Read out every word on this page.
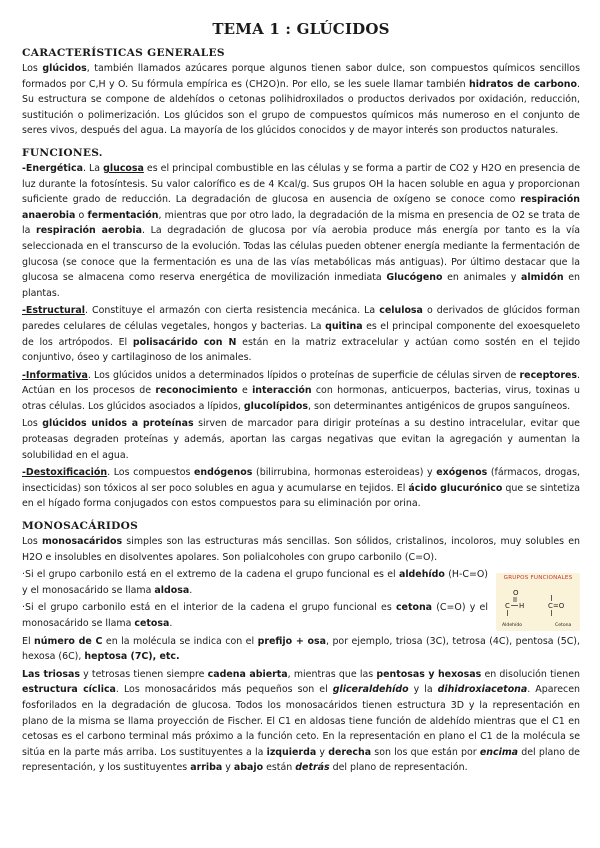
TEMA 1 : GLÚCIDOS
CARACTERÍSTICAS GENERALES

Los glúcidos, también llamados azúcares porque algunos tienen sabor dulce, son compuestos químicos sencillos formados por C,H y O. Su fórmula empírica es (CH2O)n. Por ello, se les suele llamar también hidratos de carbono. Su estructura se compone de aldehídos o cetonas polihidroxilados o productos derivados por oxidación, reducción, sustitución o polimerización. Los glúcidos son el grupo de compuestos químicos más numeroso en el conjunto de seres vivos, después del agua. La mayoría de los glúcidos conocidos y de mayor interés son productos naturales.

FUNCIONES.

-Energética. La glucosa es el principal combustible en las células y se forma a partir de CO2 y H2O en presencia de luz durante la fotosíntesis. Su valor calorífico es de 4 Kcal/g. Sus grupos OH la hacen soluble en agua y proporcionan suficiente grado de reducción. La degradación de glucosa en ausencia de oxígeno se conoce como respiración anaerobia o fermentación, mientras que por otro lado, la degradación de la misma en presencia de O2 se trata de la respiración aerobia. La degradación de glucosa por vía aerobia produce más energía por tanto es la vía seleccionada en el transcurso de la evolución. Todas las células pueden obtener energía mediante la fermentación de glucosa (se conoce que la fermentación es una de las vías metabólicas más antiguas). Por último destacar que la glucosa se almacena como reserva energética de movilización inmediata Glucógeno en animales y almidón en plantas.

-Estructural. Constituye el armazón con cierta resistencia mecánica. La celulosa o derivados de glúcidos forman paredes celulares de células vegetales, hongos y bacterias. La quitina es el principal componente del exoesqueleto de los artrópodos. El polisacárido con N están en la matriz extracelular y actúan como sostén en el tejido conjuntivo, óseo y cartilaginoso de los animales.

-Informativa. Los glúcidos unidos a determinados lípidos o proteínas de superficie de células sirven de receptores. Actúan en los procesos de reconocimiento e interacción con hormonas, anticuerpos, bacterias, virus, toxinas u otras células. Los glúcidos asociados a lípidos, glucolípidos, son determinantes antigénicos de grupos sanguíneos.

Los glúcidos unidos a proteínas sirven de marcador para dirigir proteínas a su destino intracelular, evitar que proteasas degraden proteínas y además, aportan las cargas negativas que evitan la agregación y aumentan la solubilidad en el agua.

-Destoxificación. Los compuestos endógenos (bilirrubina, hormonas esteroideas) y exógenos (fármacos, drogas, insecticidas) son tóxicos al ser poco solubles en agua y acumularse en tejidos. El ácido glucurónico que se sintetiza en el hígado forma conjugados con estos compuestos para su eliminación por orina.

MONOSACÁRIDOS

Los monosacáridos simples son las estructuras más sencillas. Son sólidos, cristalinos, incoloros, muy solubles en H2O e insolubles en disolventes apolares. Son polialcoholes con grupo carbonilo (C=O).

·Si el grupo carbonilo está en el extremo de la cadena el grupo funcional es el aldehído (H-C=O) y el monosacárido se llama aldosa.

·Si el grupo carbonilo está en el interior de la cadena el grupo funcional es cetona (C=O) y el monosacárido se llama cetosa.

GRUPOS FUNCIONALES
O
C H
Aldehído
C=O
Cetona

El número de C en la molécula se indica con el prefijo + osa, por ejemplo, triosa (3C), tetrosa (4C), pentosa (5C), hexosa (6C), heptosa (7C), etc.

Las triosas y tetrosas tienen siempre cadena abierta, mientras que las pentosas y hexosas en disolución tienen estructura cíclica. Los monosacáridos más pequeños son el gliceraldehído y la dihidroxiacetona. Aparecen fosforilados en la degradación de glucosa. Todos los monosacáridos tienen estructura 3D y la representación en plano de la misma se llama proyección de Fischer. El C1 en aldosas tiene función de aldehído mientras que el C1 en cetosas es el carbono terminal más próximo a la función ceto. En la representación en plano el C1 de la molécula se sitúa en la parte más arriba. Los sustituyentes a la izquierda y derecha son los que están por encima del plano de representación, y los sustituyentes arriba y abajo están detrás del plano de representación.
